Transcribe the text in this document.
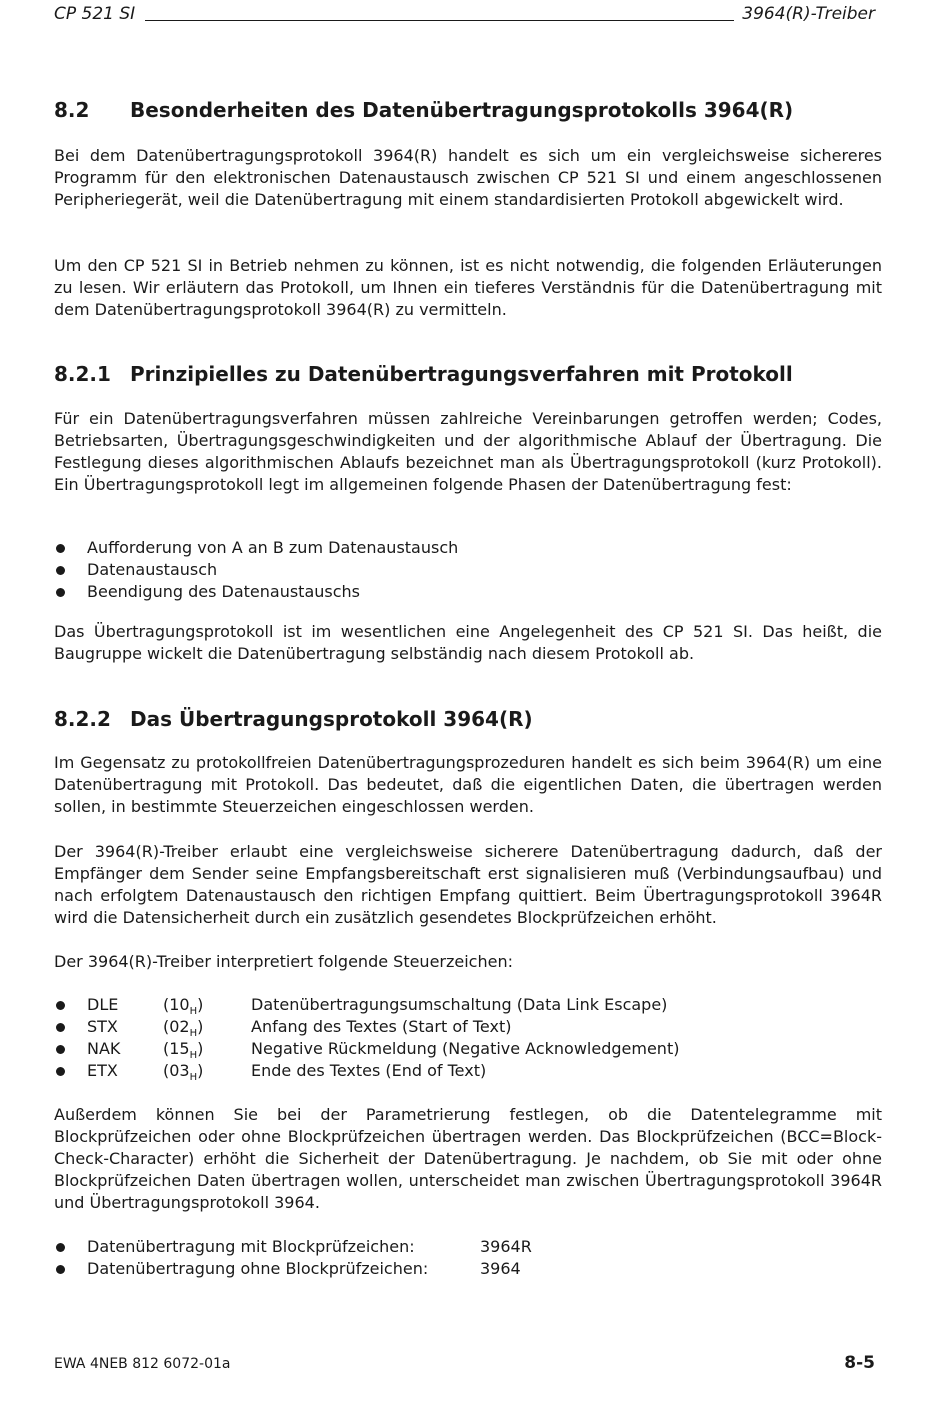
CP 521 SI	3964(R)-Treiber
8.2 Besonderheiten des Datenübertragungsprotokolls 3964(R)

Bei dem Datenübertragungsprotokoll 3964(R) handelt es sich um ein vergleichsweise sichereres Programm für den elektronischen Datenaustausch zwischen CP 521 SI und einem angeschlossenen Peripheriegerät, weil die Datenübertragung mit einem standardisierten Protokoll abgewickelt wird.

Um den CP 521 SI in Betrieb nehmen zu können, ist es nicht notwendig, die folgenden Erläuterungen zu lesen. Wir erläutern das Protokoll, um Ihnen ein tieferes Verständnis für die Datenübertragung mit dem Datenübertragungsprotokoll 3964(R) zu vermitteln.

8.2.1 Prinzipielles zu Datenübertragungsverfahren mit Protokoll

Für ein Datenübertragungsverfahren müssen zahlreiche Vereinbarungen getroffen werden; Codes, Betriebsarten, Übertragungsgeschwindigkeiten und der algorithmische Ablauf der Übertragung. Die Festlegung dieses algorithmischen Ablaufs bezeichnet man als Übertragungsprotokoll (kurz Protokoll). Ein Übertragungsprotokoll legt im allgemeinen folgende Phasen der Datenübertragung fest:

Aufforderung von A an B zum Datenaustausch
Datenaustausch
Beendigung des Datenaustauschs

Das Übertragungsprotokoll ist im wesentlichen eine Angelegenheit des CP 521 SI. Das heißt, die Baugruppe wickelt die Datenübertragung selbständig nach diesem Protokoll ab.

8.2.2 Das Übertragungsprotokoll 3964(R)

Im Gegensatz zu protokollfreien Datenübertragungsprozeduren handelt es sich beim 3964(R) um eine Datenübertragung mit Protokoll. Das bedeutet, daß die eigentlichen Daten, die übertragen werden sollen, in bestimmte Steuerzeichen eingeschlossen werden.

Der 3964(R)-Treiber erlaubt eine vergleichsweise sicherere Datenübertragung dadurch, daß der Empfänger dem Sender seine Empfangsbereitschaft erst signalisieren muß (Verbindungsaufbau) und nach erfolgtem Datenaustausch den richtigen Empfang quittiert. Beim Übertragungsprotokoll 3964R wird die Datensicherheit durch ein zusätzlich gesendetes Blockprüfzeichen erhöht.

Der 3964(R)-Treiber interpretiert folgende Steuerzeichen:

DLE	$(10_H)$	Datenübertragungsumschaltung (Data Link Escape)
STX	$(02_H)$	Anfang des Textes (Start of Text)
NAK	$(15_H)$	Negative Rückmeldung (Negative Acknowledgement)
ETX	$(03_H)$	Ende des Textes (End of Text)

Außerdem können Sie bei der Parametrierung festlegen, ob die Datentelegramme mit Blockprüfzeichen oder ohne Blockprüfzeichen übertragen werden. Das Blockprüfzeichen (BCC=Block-Check-Character) erhöht die Sicherheit der Datenübertragung. Je nachdem, ob Sie mit oder ohne Blockprüfzeichen Daten übertragen wollen, unterscheidet man zwischen Übertragungsprotokoll 3964R und Übertragungsprotokoll 3964.

Datenübertragung mit Blockprüfzeichen:	3964R
Datenübertragung ohne Blockprüfzeichen:	3964
EWA 4NEB 812 6072-01a	8-5
